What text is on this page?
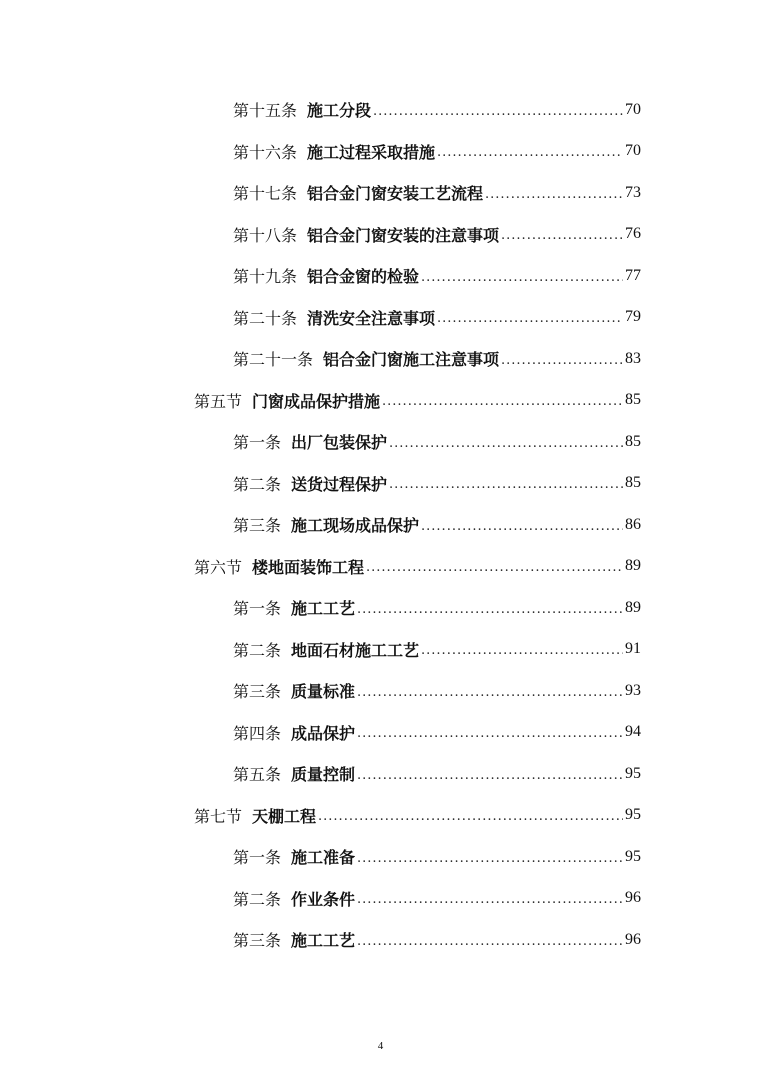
第十五条 施工分段 .....	70
第十六条 施工过程采取措施 .....	70
第十七条 铝合金门窗安装工艺流程 .....	73
第十八条 铝合金门窗安装的注意事项 .....	76
第十九条 铝合金窗的检验 .....	77
第二十条 清洗安全注意事项 .....	79
第二十一条 铝合金门窗施工注意事项 .....	83
第五节 门窗成品保护措施 .....	85
第一条 出厂包装保护 .....	85
第二条 送货过程保护 .....	85
第三条 施工现场成品保护 .....	86
第六节 楼地面装饰工程 .....	89
第一条 施工工艺 .....	89
第二条 地面石材施工工艺 .....	91
第三条 质量标准 .....	93
第四条 成品保护 .....	94
第五条 质量控制 .....	95
第七节 天棚工程 .....	95
第一条 施工准备 .....	95
第二条 作业条件 .....	96
第三条 施工工艺 .....	96
4
